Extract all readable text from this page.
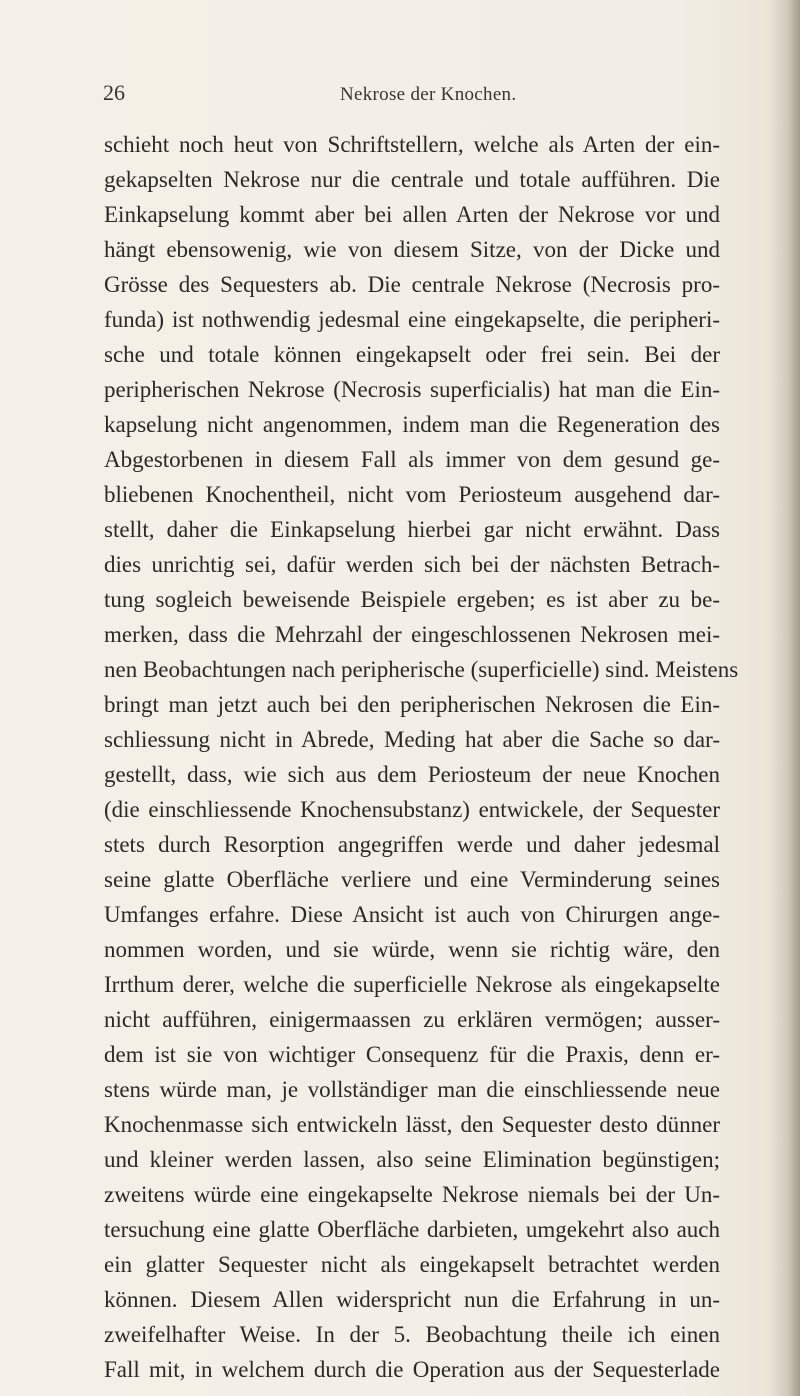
26	Nekrose der Knochen.
schieht noch heut von Schriftstellern, welche als Arten der ein-
gekapselten Nekrose nur die centrale und totale aufführen. Die
Einkapselung kommt aber bei allen Arten der Nekrose vor und
hängt ebensowenig, wie von diesem Sitze, von der Dicke und
Grösse des Sequesters ab. Die centrale Nekrose (Necrosis pro-
funda) ist nothwendig jedesmal eine eingekapselte, die peripheri-
sche und totale können eingekapselt oder frei sein. Bei der
peripherischen Nekrose (Necrosis superficialis) hat man die Ein-
kapselung nicht angenommen, indem man die Regeneration des
Abgestorbenen in diesem Fall als immer von dem gesund ge-
bliebenen Knochentheil, nicht vom Periosteum ausgehend dar-
stellt, daher die Einkapselung hierbei gar nicht erwähnt. Dass
dies unrichtig sei, dafür werden sich bei der nächsten Betrach-
tung sogleich beweisende Beispiele ergeben; es ist aber zu be-
merken, dass die Mehrzahl der eingeschlossenen Nekrosen mei-
nen Beobachtungen nach peripherische (superficielle) sind. Meistens
bringt man jetzt auch bei den peripherischen Nekrosen die Ein-
schliessung nicht in Abrede, Meding hat aber die Sache so dar-
gestellt, dass, wie sich aus dem Periosteum der neue Knochen
(die einschliessende Knochensubstanz) entwickele, der Sequester
stets durch Resorption angegriffen werde und daher jedesmal
seine glatte Oberfläche verliere und eine Verminderung seines
Umfanges erfahre. Diese Ansicht ist auch von Chirurgen ange-
nommen worden, und sie würde, wenn sie richtig wäre, den
Irrthum derer, welche die superficielle Nekrose als eingekapselte
nicht aufführen, einigermaassen zu erklären vermögen; ausser-
dem ist sie von wichtiger Consequenz für die Praxis, denn er-
stens würde man, je vollständiger man die einschliessende neue
Knochenmasse sich entwickeln lässt, den Sequester desto dünner
und kleiner werden lassen, also seine Elimination begünstigen;
zweitens würde eine eingekapselte Nekrose niemals bei der Un-
tersuchung eine glatte Oberfläche darbieten, umgekehrt also auch
ein glatter Sequester nicht als eingekapselt betrachtet werden
können. Diesem Allen widerspricht nun die Erfahrung in un-
zweifelhafter Weise. In der 5. Beobachtung theile ich einen
Fall mit, in welchem durch die Operation aus der Sequesterlade
